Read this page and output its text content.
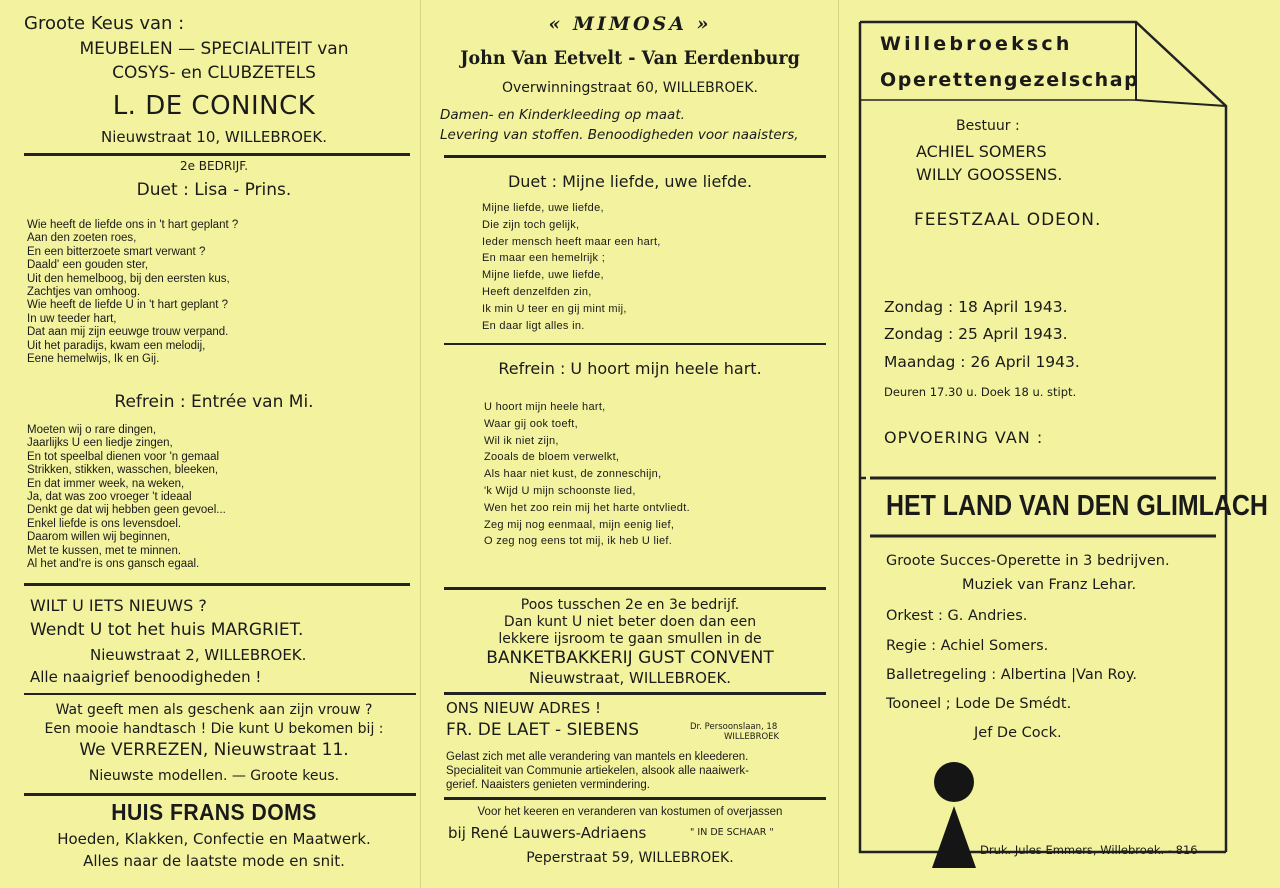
Groote Keus van :
MEUBELEN — SPECIALITEIT van
COSYS- en CLUBZETELS
L. DE CONINCK
Nieuwstraat 10, WILLEBROEK.
2e BEDRIJF.
Duet : Lisa - Prins.
Wie heeft de liefde ons in 't hart geplant ?
Aan den zoeten roes,
En een bitterzoete smart verwant ?
Daald' een gouden ster,
Uit den hemelboog, bij den eersten kus,
Zachtjes van omhoog.
Wie heeft de liefde U in 't hart geplant ?
In uw teeder hart,
Dat aan mij zijn eeuwge trouw verpand.
Uit het paradijs, kwam een melodij,
Eene hemelwijs, Ik en Gij.
Refrein : Entrée van Mi.
Moeten wij o rare dingen,
Jaarlijks U een liedje zingen,
En tot speelbal dienen voor 'n gemaal
Strikken, stikken, wasschen, bleeken,
En dat immer week, na weken,
Ja, dat was zoo vroeger 't ideaal
Denkt ge dat wij hebben geen gevoel...
Enkel liefde is ons levensdoel.
Daarom willen wij beginnen,
Met te kussen, met te minnen.
Al het and're is ons gansch egaal.
WILT U IETS NIEUWS ?
Wendt U tot het huis MARGRIET.
Nieuwstraat 2, WILLEBROEK.
Alle naaigrief benoodigheden !
Wat geeft men als geschenk aan zijn vrouw ?
Een mooie handtasch ! Die kunt U bekomen bij :
We VERREZEN, Nieuwstraat 11.
Nieuwste modellen. — Groote keus.
HUIS FRANS DOMS
Hoeden, Klakken, Confectie en Maatwerk.
Alles naar de laatste mode en snit.
« MIMOSA »
John Van Eetvelt - Van Eerdenburg
Overwinningstraat 60, WILLEBROEK.
Damen- en Kinderkleeding op maat.
Levering van stoffen. Benoodigheden voor naaisters,
Duet : Mijne liefde, uwe liefde.
Mijne liefde, uwe liefde,
Die zijn toch gelijk,
Ieder mensch heeft maar een hart,
En maar een hemelrijk ;
Mijne liefde, uwe liefde,
Heeft denzelfden zin,
Ik min U teer en gij mint mij,
En daar ligt alles in.
Refrein : U hoort mijn heele hart.
U hoort mijn heele hart,
Waar gij ook toeft,
Wil ik niet zijn,
Zooals de bloem verwelkt,
Als haar niet kust, de zonneschijn,
'k Wijd U mijn schoonste lied,
Wen het zoo rein mij het harte ontvliedt.
Zeg mij nog eenmaal, mijn eenig lief,
O zeg nog eens tot mij, ik heb U lief.
Poos tusschen 2e en 3e bedrijf.
Dan kunt U niet beter doen dan een
lekkere ijsroom te gaan smullen in de
BANKETBAKKERIJ GUST CONVENT
Nieuwstraat, WILLEBROEK.
ONS NIEUW ADRES !
FR. DE LAET - SIEBENS	Dr. Persoonslaan, 18
WILLEBROEK
Gelast zich met alle verandering van mantels en kleederen.
Specialiteit van Communie artiekelen, alsook alle naaiwerk-
gerief. Naaisters genieten vermindering.
Voor het keeren en veranderen van kostumen of overjassen
bij René Lauwers-Adriaens	" IN DE SCHAAR "
Peperstraat 59, WILLEBROEK.
Willebroeksch
Operettengezelschap
Bestuur :
ACHIEL SOMERS
WILLY GOOSSENS.
FEESTZAAL ODEON.
Zondag : 18 April 1943.
Zondag : 25 April 1943.
Maandag : 26 April 1943.
Deuren 17.30 u. Doek 18 u. stipt.
OPVOERING VAN :
HET LAND VAN DEN GLIMLACH
Groote Succes-Operette in 3 bedrijven.
Muziek van Franz Lehar.
Orkest : G. Andries.
Regie : Achiel Somers.
Balletregeling : Albertina |Van Roy.
Tooneel ; Lode De Smédt.
Jef De Cock.
Druk. Jules Emmers, Willebroek. - 816
